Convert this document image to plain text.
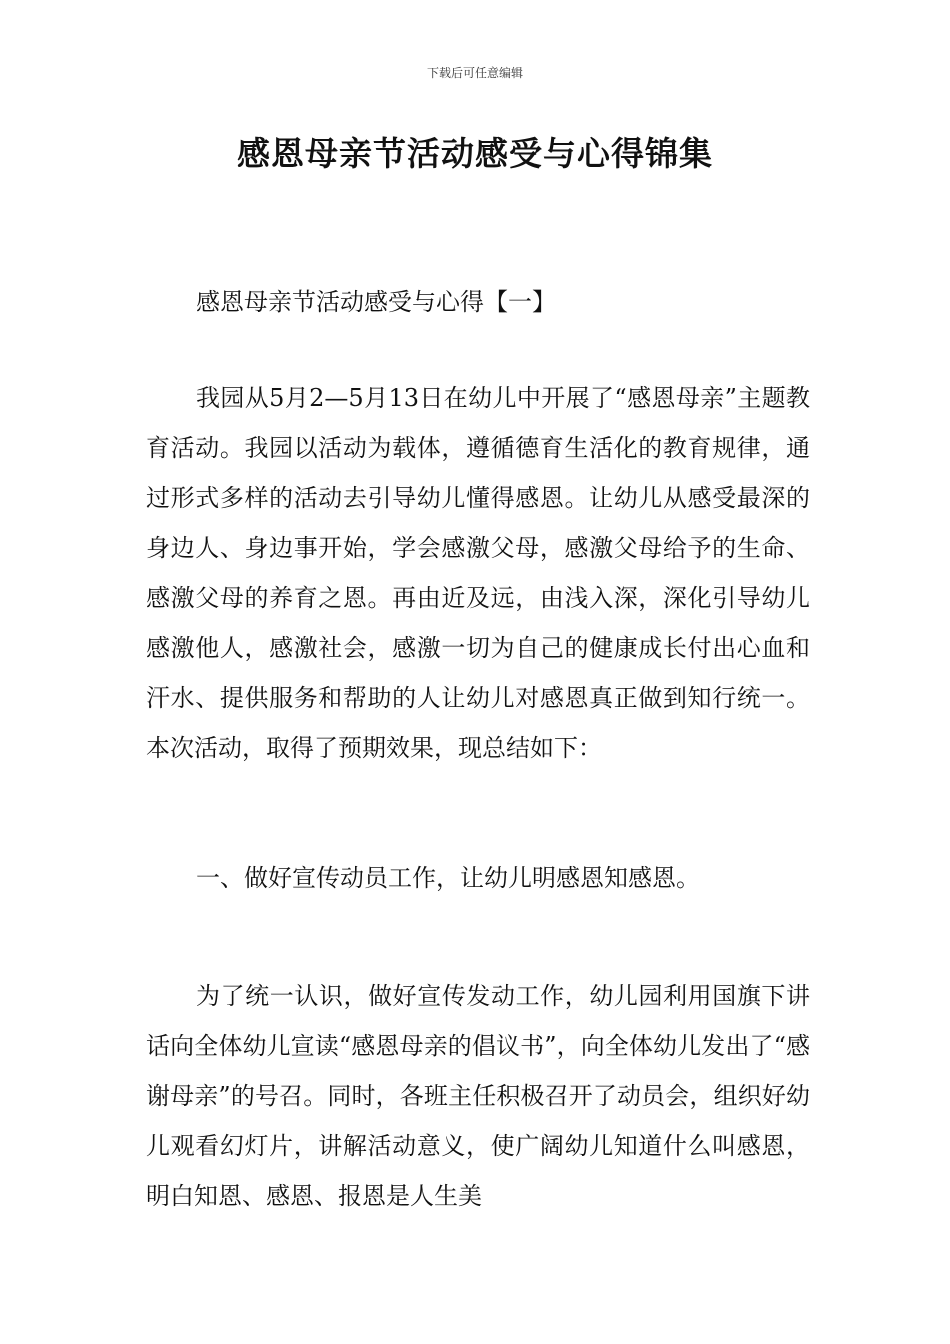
下载后可任意编辑
感恩母亲节活动感受与心得锦集
感恩母亲节活动感受与心得【一】

我园从5月2—5月13日在幼儿中开展了“感恩母亲”主题教育活动。我园以活动为载体，遵循德育生活化的教育规律，通过形式多样的活动去引导幼儿懂得感恩。让幼儿从感受最深的身边人、身边事开始，学会感激父母，感激父母给予的生命、感激父母的养育之恩。再由近及远，由浅入深，深化引导幼儿感激他人，感激社会，感激一切为自己的健康成长付出心血和汗水、提供服务和帮助的人让幼儿对感恩真正做到知行统一。本次活动，取得了预期效果，现总结如下：

一、做好宣传动员工作，让幼儿明感恩知感恩。

为了统一认识，做好宣传发动工作，幼儿园利用国旗下讲话向全体幼儿宣读“感恩母亲的倡议书”，向全体幼儿发出了“感谢母亲”的号召。同时，各班主任积极召开了动员会，组织好幼儿观看幻灯片，讲解活动意义，使广阔幼儿知道什么叫感恩，明白知恩、感恩、报恩是人生美
